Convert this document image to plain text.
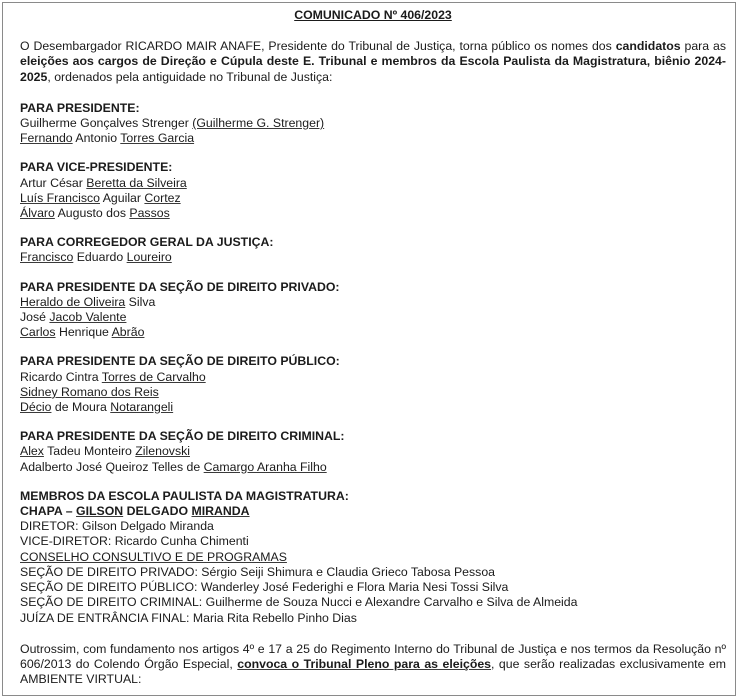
COMUNICADO Nº 406/2023
O Desembargador RICARDO MAIR ANAFE, Presidente do Tribunal de Justiça, torna público os nomes dos candidatos para as eleições aos cargos de Direção e Cúpula deste E. Tribunal e membros da Escola Paulista da Magistratura, biênio 2024-2025, ordenados pela antiguidade no Tribunal de Justiça:
PARA PRESIDENTE:
Guilherme Gonçalves Strenger (Guilherme G. Strenger)
Fernando Antonio Torres Garcia
PARA VICE-PRESIDENTE:
Artur César Beretta da Silveira
Luís Francisco Aguilar Cortez
Álvaro Augusto dos Passos
PARA CORREGEDOR GERAL DA JUSTIÇA:
Francisco Eduardo Loureiro
PARA PRESIDENTE DA SEÇÃO DE DIREITO PRIVADO:
Heraldo de Oliveira Silva
José Jacob Valente
Carlos Henrique Abrão
PARA PRESIDENTE DA SEÇÃO DE DIREITO PÚBLICO:
Ricardo Cintra Torres de Carvalho
Sidney Romano dos Reis
Décio de Moura Notarangeli
PARA PRESIDENTE DA SEÇÃO DE DIREITO CRIMINAL:
Alex Tadeu Monteiro Zilenovski
Adalberto José Queiroz Telles de Camargo Aranha Filho
MEMBROS DA ESCOLA PAULISTA DA MAGISTRATURA:
CHAPA – GILSON DELGADO MIRANDA
DIRETOR: Gilson Delgado Miranda
VICE-DIRETOR: Ricardo Cunha Chimenti
CONSELHO CONSULTIVO E DE PROGRAMAS
SEÇÃO DE DIREITO PRIVADO: Sérgio Seiji Shimura e Claudia Grieco Tabosa Pessoa
SEÇÃO DE DIREITO PÚBLICO: Wanderley José Federighi e Flora Maria Nesi Tossi Silva
SEÇÃO DE DIREITO CRIMINAL: Guilherme de Souza Nucci e Alexandre Carvalho e Silva de Almeida
JUÍZA DE ENTRÂNCIA FINAL: Maria Rita Rebello Pinho Dias
Outrossim, com fundamento nos artigos 4º e 17 a 25 do Regimento Interno do Tribunal de Justiça e nos termos da Resolução nº 606/2013 do Colendo Órgão Especial, convoca o Tribunal Pleno para as eleições, que serão realizadas exclusivamente em AMBIENTE VIRTUAL:
